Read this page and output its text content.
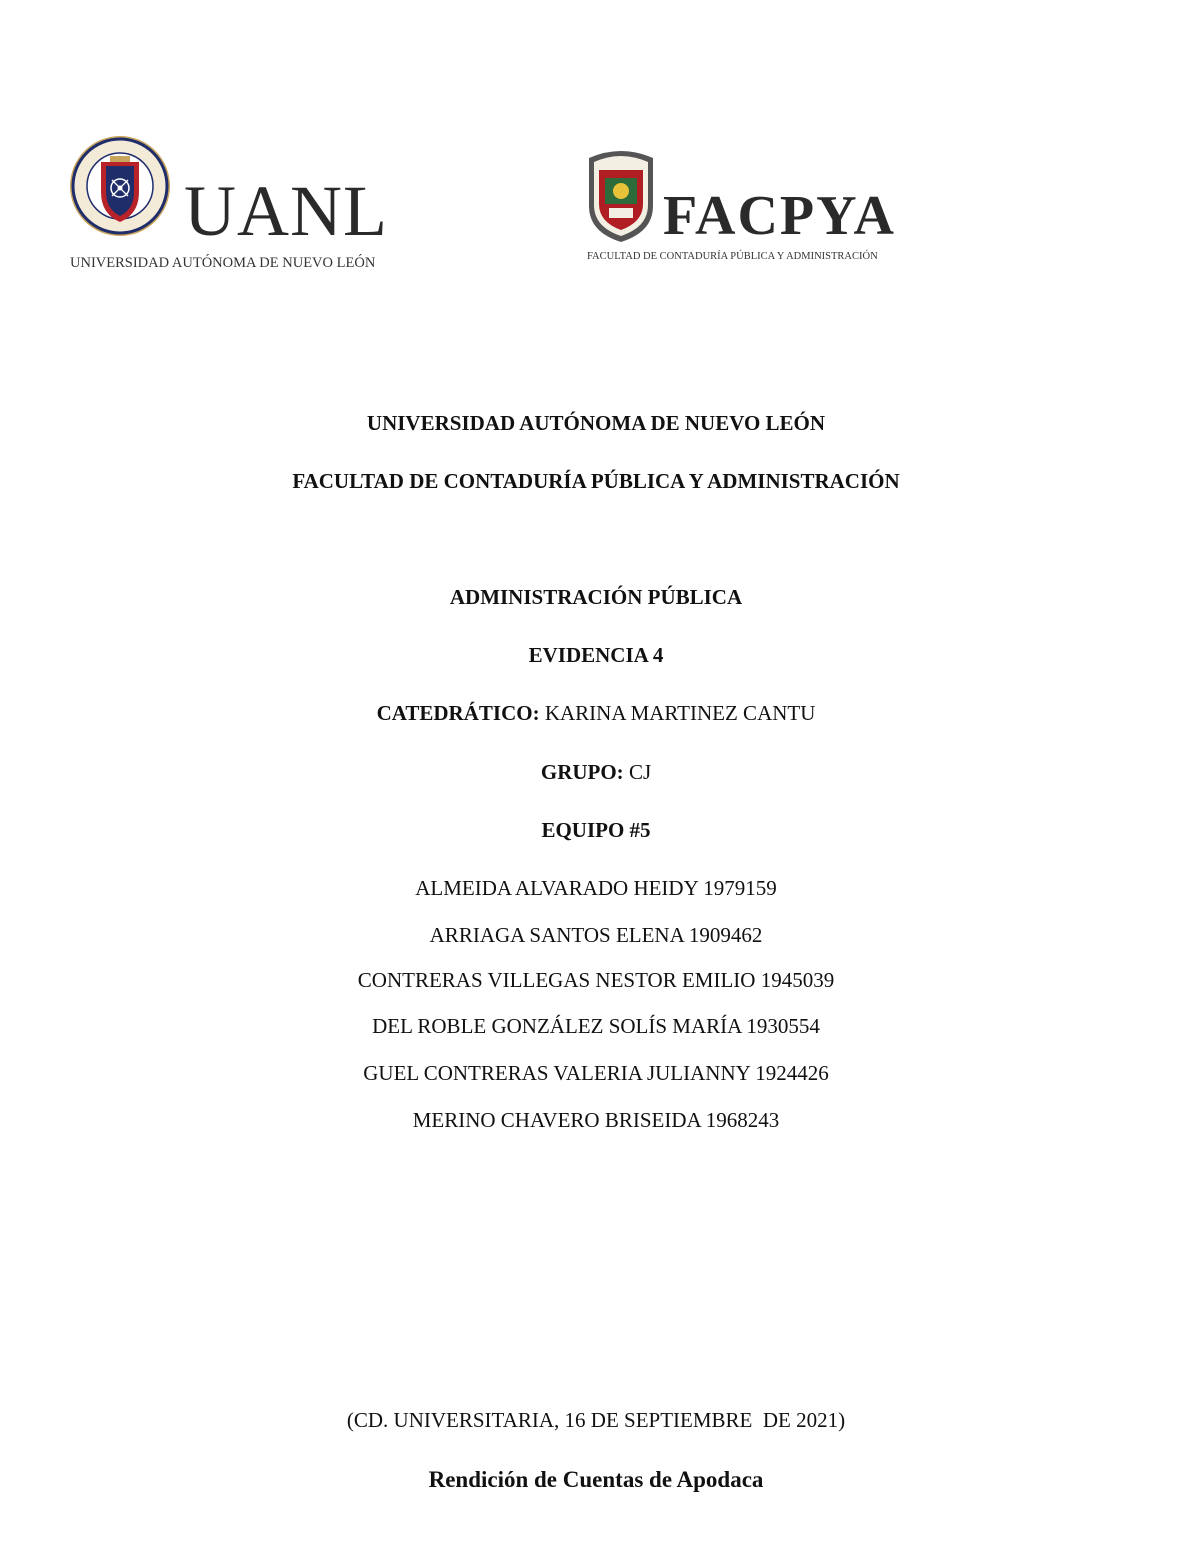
UANL
UNIVERSIDAD AUTÓNOMA DE NUEVO LEÓN
FACPYA
FACULTAD DE CONTADURÍA PÚBLICA Y ADMINISTRACIÓN
UNIVERSIDAD AUTÓNOMA DE NUEVO LEÓN
FACULTAD DE CONTADURÍA PÚBLICA Y ADMINISTRACIÓN
ADMINISTRACIÓN PÚBLICA
EVIDENCIA 4
CATEDRÁTICO: KARINA MARTINEZ CANTU
GRUPO: CJ
EQUIPO #5
ALMEIDA ALVARADO HEIDY 1979159
ARRIAGA SANTOS ELENA 1909462
CONTRERAS VILLEGAS NESTOR EMILIO 1945039
DEL ROBLE GONZÁLEZ SOLÍS MARÍA 1930554
GUEL CONTRERAS VALERIA JULIANNY 1924426
MERINO CHAVERO BRISEIDA 1968243
(CD. UNIVERSITARIA, 16 DE SEPTIEMBRE  DE 2021)
Rendición de Cuentas de Apodaca
